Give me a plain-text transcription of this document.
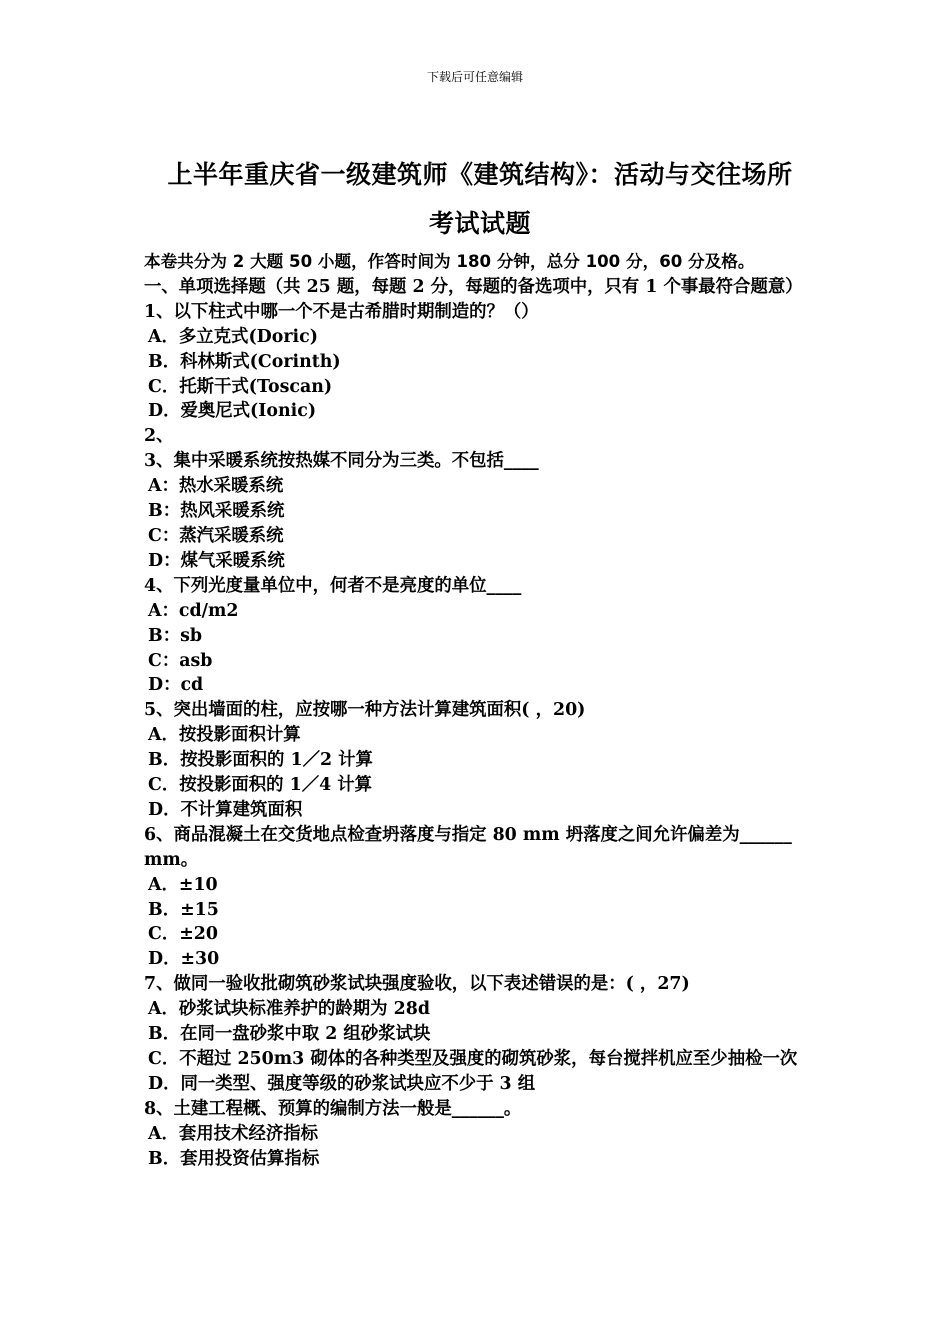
下载后可任意编辑
上半年重庆省一级建筑师《建筑结构》：活动与交往场所
考试试题
本卷共分为 2 大题 50 小题，作答时间为 180 分钟，总分 100 分，60 分及格。
一、单项选择题（共 25 题，每题 2 分，每题的备选项中，只有 1 个事最符合题意）
1、以下柱式中哪一个不是古希腊时期制造的？（）
A．多立克式(Doric)
B．科林斯式(Corinth)
C．托斯干式(Toscan)
D．爱奥尼式(Ionic)
2、
3、集中采暖系统按热媒不同分为三类。不包括____
A：热水采暖系统
B：热风采暖系统
C：蒸汽采暖系统
D：煤气采暖系统
4、下列光度量单位中，何者不是亮度的单位____
A：cd/m2
B：sb
C：asb
D：cd
5、突出墙面的柱，应按哪一种方法计算建筑面积( ，20)
A．按投影面积计算
B．按投影面积的 1／2 计算
C．按投影面积的 1／4 计算
D．不计算建筑面积
6、商品混凝土在交货地点检查坍落度与指定 80 mm 坍落度之间允许偏差为______mm。
A．±10
B．±15
C．±20
D．±30
7、做同一验收批砌筑砂浆试块强度验收，以下表述错误的是：( ，27)
A．砂浆试块标准养护的龄期为 28d
B．在同一盘砂浆中取 2 组砂浆试块
C．不超过 250m3 砌体的各种类型及强度的砌筑砂浆，每台搅拌机应至少抽检一次
D．同一类型、强度等级的砂浆试块应不少于 3 组
8、土建工程概、预算的编制方法一般是______。
A．套用技术经济指标
B．套用投资估算指标
